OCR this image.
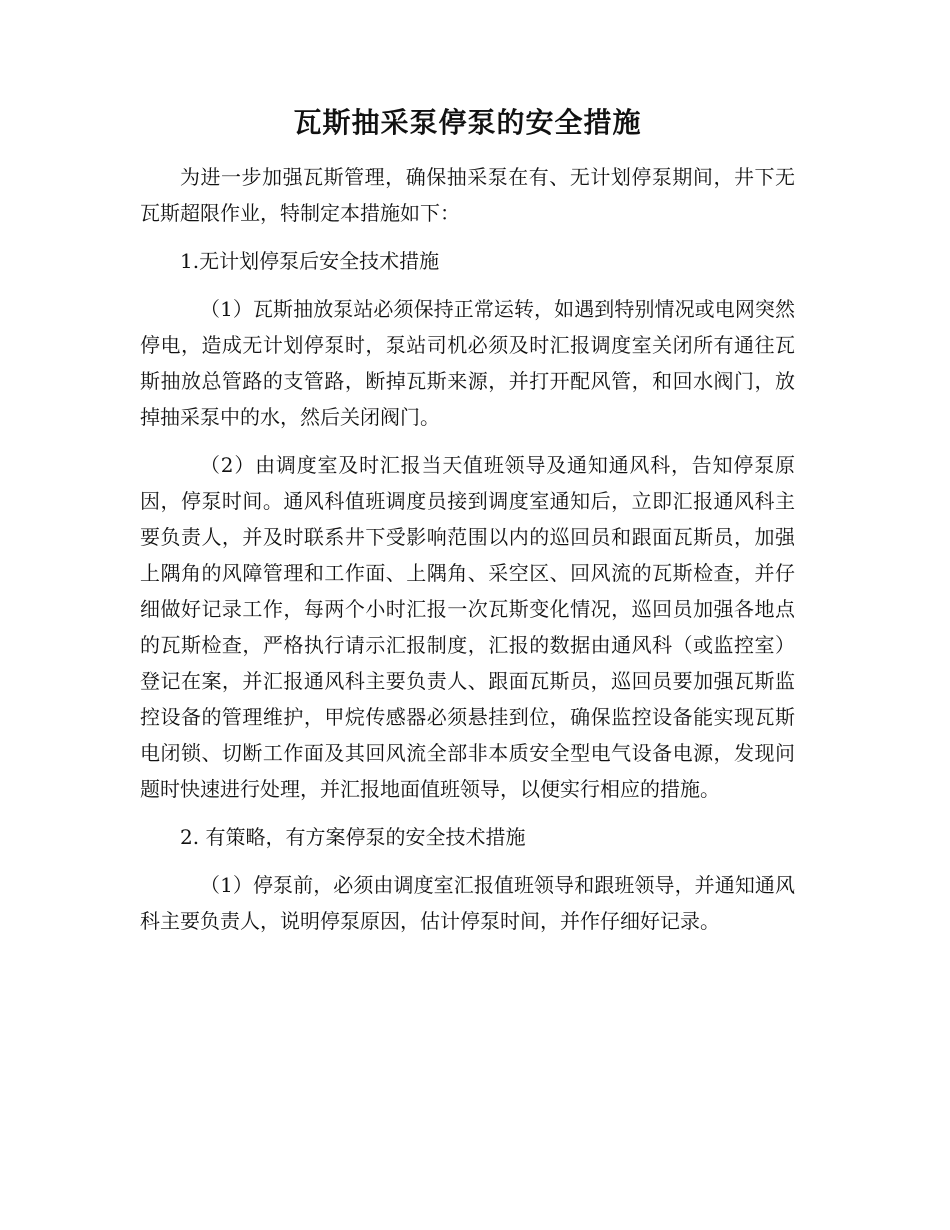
瓦斯抽采泵停泵的安全措施

为进一步加强瓦斯管理，确保抽采泵在有、无计划停泵期间，井下无瓦斯超限作业，特制定本措施如下：

1.无计划停泵后安全技术措施

（1）瓦斯抽放泵站必须保持正常运转，如遇到特别情况或电网突然停电，造成无计划停泵时，泵站司机必须及时汇报调度室关闭所有通往瓦斯抽放总管路的支管路，断掉瓦斯来源，并打开配风管，和回水阀门，放掉抽采泵中的水，然后关闭阀门。

（2）由调度室及时汇报当天值班领导及通知通风科，告知停泵原因，停泵时间。通风科值班调度员接到调度室通知后，立即汇报通风科主要负责人，并及时联系井下受影响范围以内的巡回员和跟面瓦斯员，加强上隅角的风障管理和工作面、上隅角、采空区、回风流的瓦斯检查，并仔细做好记录工作，每两个小时汇报一次瓦斯变化情况，巡回员加强各地点的瓦斯检查，严格执行请示汇报制度，汇报的数据由通风科（或监控室）登记在案，并汇报通风科主要负责人、跟面瓦斯员，巡回员要加强瓦斯监控设备的管理维护，甲烷传感器必须悬挂到位，确保监控设备能实现瓦斯电闭锁、切断工作面及其回风流全部非本质安全型电气设备电源，发现问题时快速进行处理，并汇报地面值班领导，以便实行相应的措施。

2. 有策略，有方案停泵的安全技术措施

（1）停泵前，必须由调度室汇报值班领导和跟班领导，并通知通风科主要负责人，说明停泵原因，估计停泵时间，并作仔细好记录。
